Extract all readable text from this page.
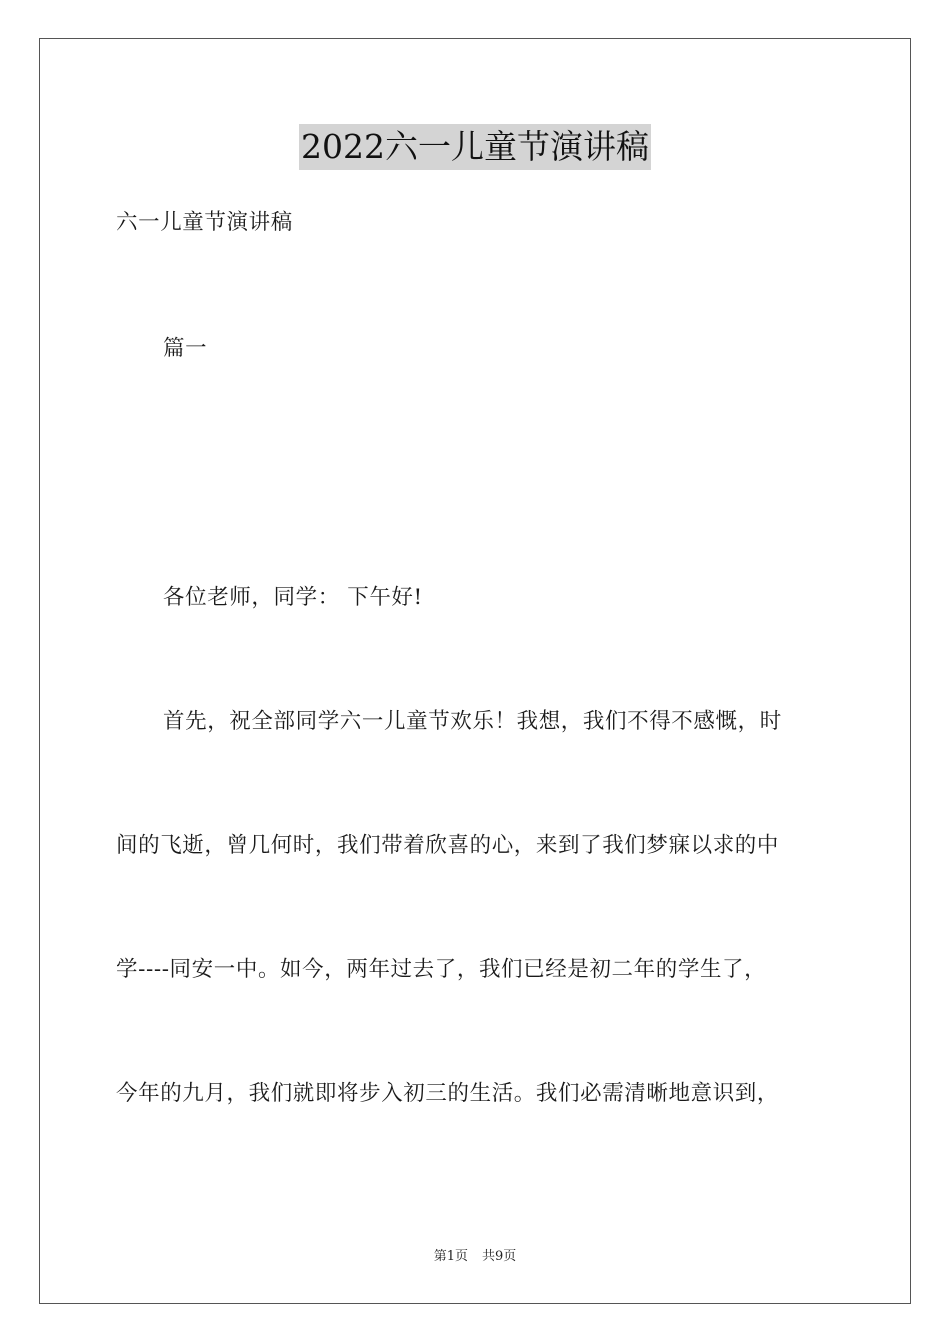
2022六一儿童节演讲稿
六一儿童节演讲稿
篇一
各位老师，同学： 下午好!
首先，祝全部同学六一儿童节欢乐！我想，我们不得不感慨，时
间的飞逝，曾几何时，我们带着欣喜的心，来到了我们梦寐以求的中
学----同安一中。如今，两年过去了，我们已经是初二年的学生了，
今年的九月，我们就即将步入初三的生活。我们必需清晰地意识到，
第1页 共9页
